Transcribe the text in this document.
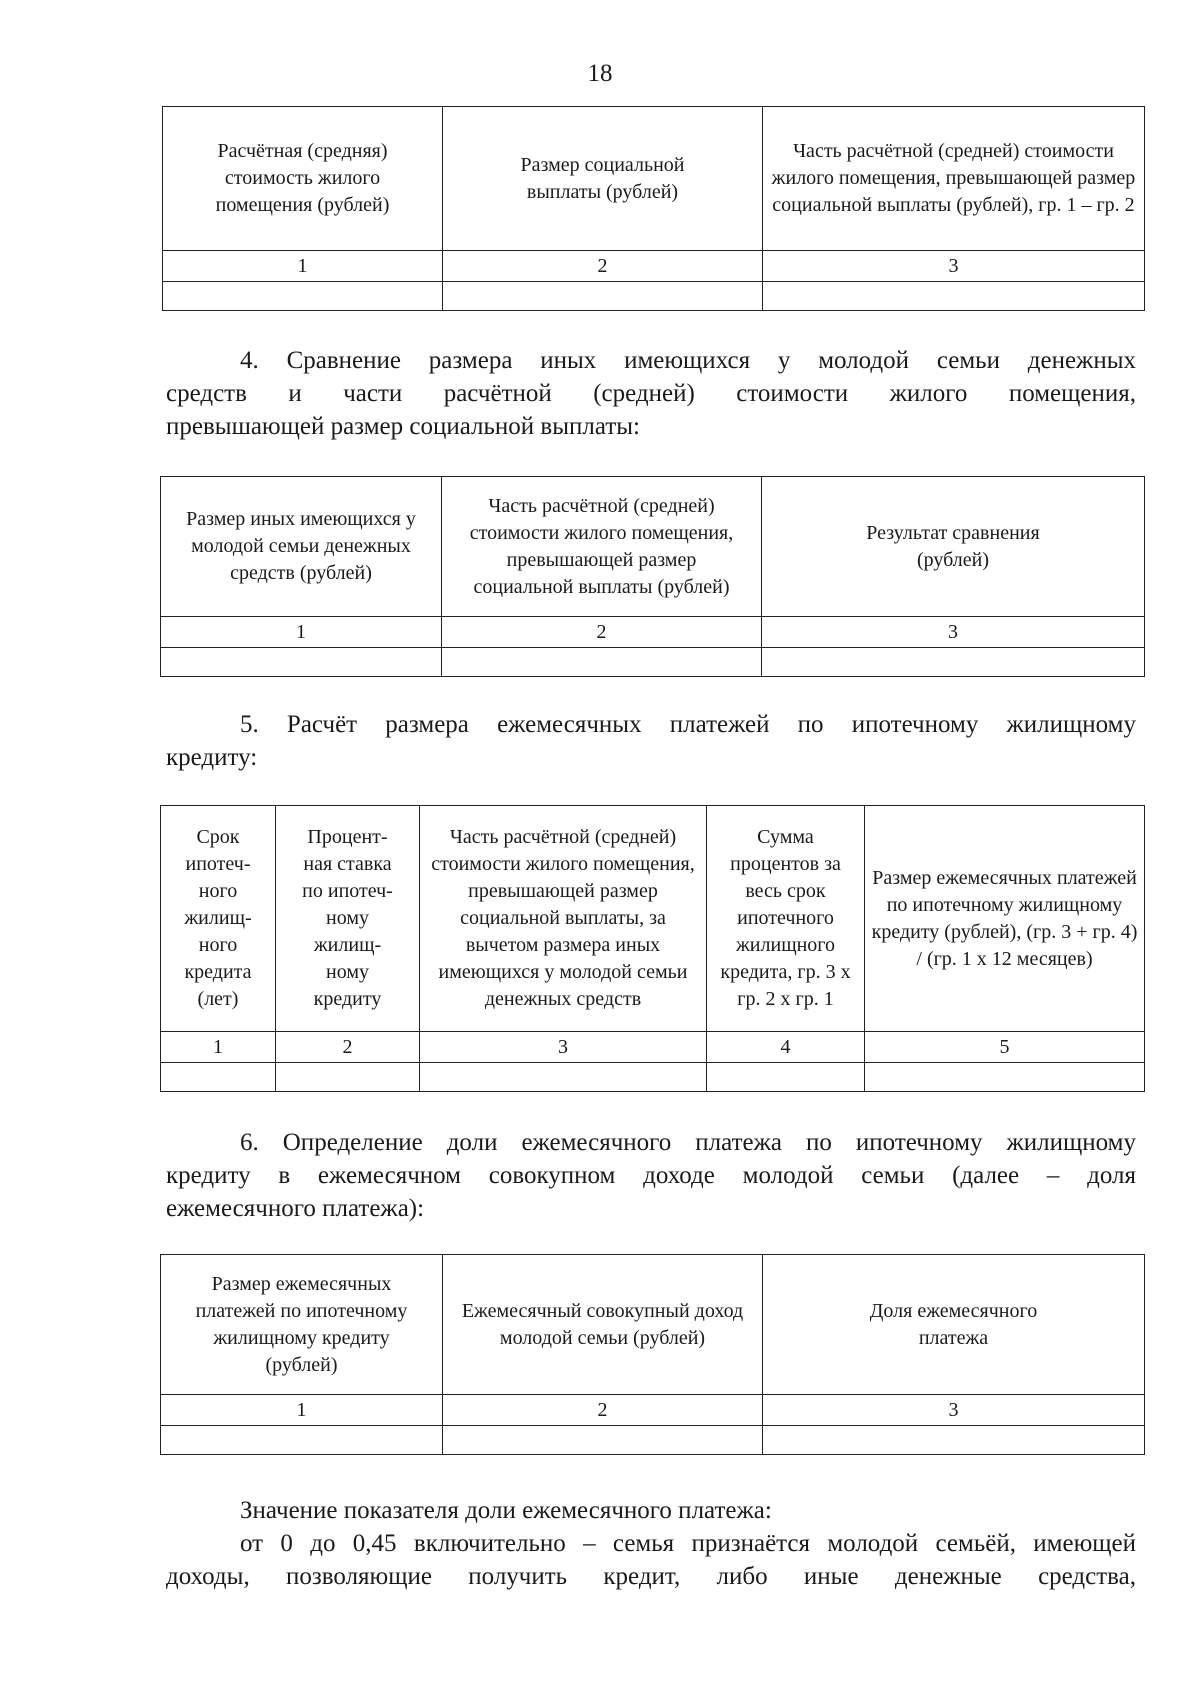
18
Расчётная (средняя) стоимость жилого помещения (рублей)	Размер социальной выплаты (рублей)	Часть расчётной (средней) стоимости жилого помещения, превышающей размер социальной выплаты (рублей), гр. 1 – гр. 2
1	2	3

4. Сравнение размера иных имеющихся у молодой семьи денежных
средств и части расчётной (средней) стоимости жилого помещения,
превышающей размер социальной выплаты:
Размер иных имеющихся у молодой семьи денежных средств (рублей)	Часть расчётной (средней) стоимости жилого помещения, превышающей размер социальной выплаты (рублей)	Результат сравнения (рублей)
1	2	3

5. Расчёт размера ежемесячных платежей по ипотечному жилищному
кредиту:
Срок ипотеч- ного жилищ- ного кредита (лет)	Процент- ная ставка по ипотеч- ному жилищ- ному кредиту	Часть расчётной (средней) стоимости жилого помещения, превышающей размер социальной выплаты, за вычетом размера иных имеющихся у молодой семьи денежных средств	Сумма процентов за весь срок ипотечного жилищного кредита, гр. 3 x гр. 2 x гр. 1	Размер ежемесячных платежей по ипотечному жилищному кредиту (рублей), (гр. 3 + гр. 4) / (гр. 1 x 12 месяцев)
1	2	3	4	5

6. Определение доли ежемесячного платежа по ипотечному жилищному
кредиту в ежемесячном совокупном доходе молодой семьи (далее – доля
ежемесячного платежа):
Размер ежемесячных платежей по ипотечному жилищному кредиту (рублей)	Ежемесячный совокупный доход молодой семьи (рублей)	Доля ежемесячного платежа
1	2	3

Значение показателя доли ежемесячного платежа:
от 0 до 0,45 включительно – семья признаётся молодой семьёй, имеющей
доходы, позволяющие получить кредит, либо иные денежные средства,
